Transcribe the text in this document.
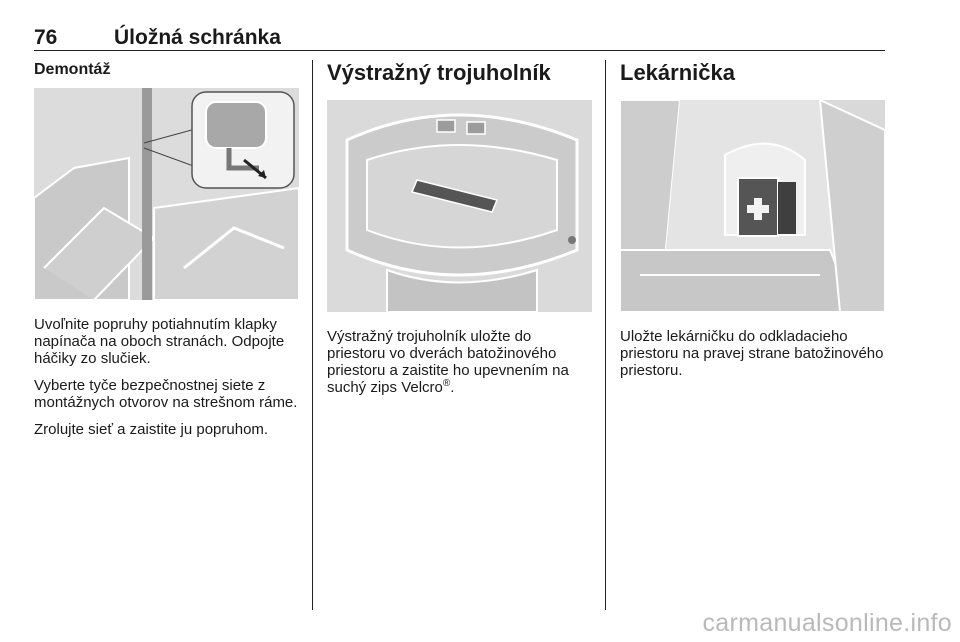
76	Úložná schránka
Demontáž

Uvoľnite popruhy potiahnutím klapky napínača na oboch stranách. Odpojte háčiky zo slučiek.

Vyberte tyče bezpečnostnej siete z montážnych otvorov na strešnom ráme.

Zrolujte sieť a zaistite ju popruhom.

Výstražný trojuholník

Výstražný trojuholník uložte do priestoru vo dverách batožinového priestoru a zaistite ho upevnením na suchý zips Velcro®.

Lekárnička

Uložte lekárničku do odkladacieho priestoru na pravej strane batožinového priestoru.

carmanualsonline.info
